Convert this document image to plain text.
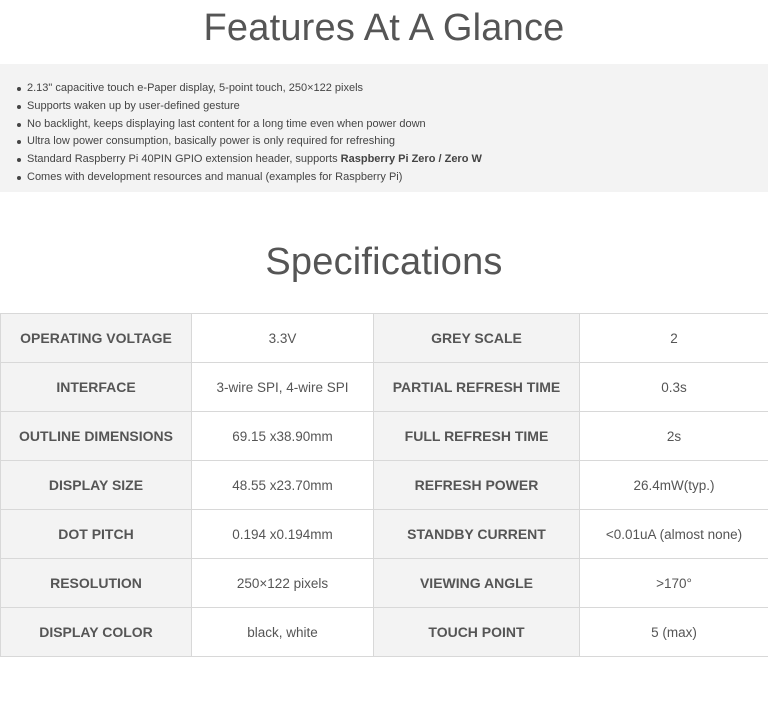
Features At A Glance
2.13" capacitive touch e-Paper display, 5-point touch, 250×122 pixels
Supports waken up by user-defined gesture
No backlight, keeps displaying last content for a long time even when power down
Ultra low power consumption, basically power is only required for refreshing
Standard Raspberry Pi 40PIN GPIO extension header, supports Raspberry Pi Zero / Zero W
Comes with development resources and manual (examples for Raspberry Pi)
Specifications
OPERATING VOLTAGE	3.3V	GREY SCALE	2
INTERFACE	3-wire SPI, 4-wire SPI	PARTIAL REFRESH TIME	0.3s
OUTLINE DIMENSIONS	69.15 x38.90mm	FULL REFRESH TIME	2s
DISPLAY SIZE	48.55 x23.70mm	REFRESH POWER	26.4mW(typ.)
DOT PITCH	0.194 x0.194mm	STANDBY CURRENT	<0.01uA (almost none)
RESOLUTION	250×122 pixels	VIEWING ANGLE	>170°
DISPLAY COLOR	black, white	TOUCH POINT	5 (max)
